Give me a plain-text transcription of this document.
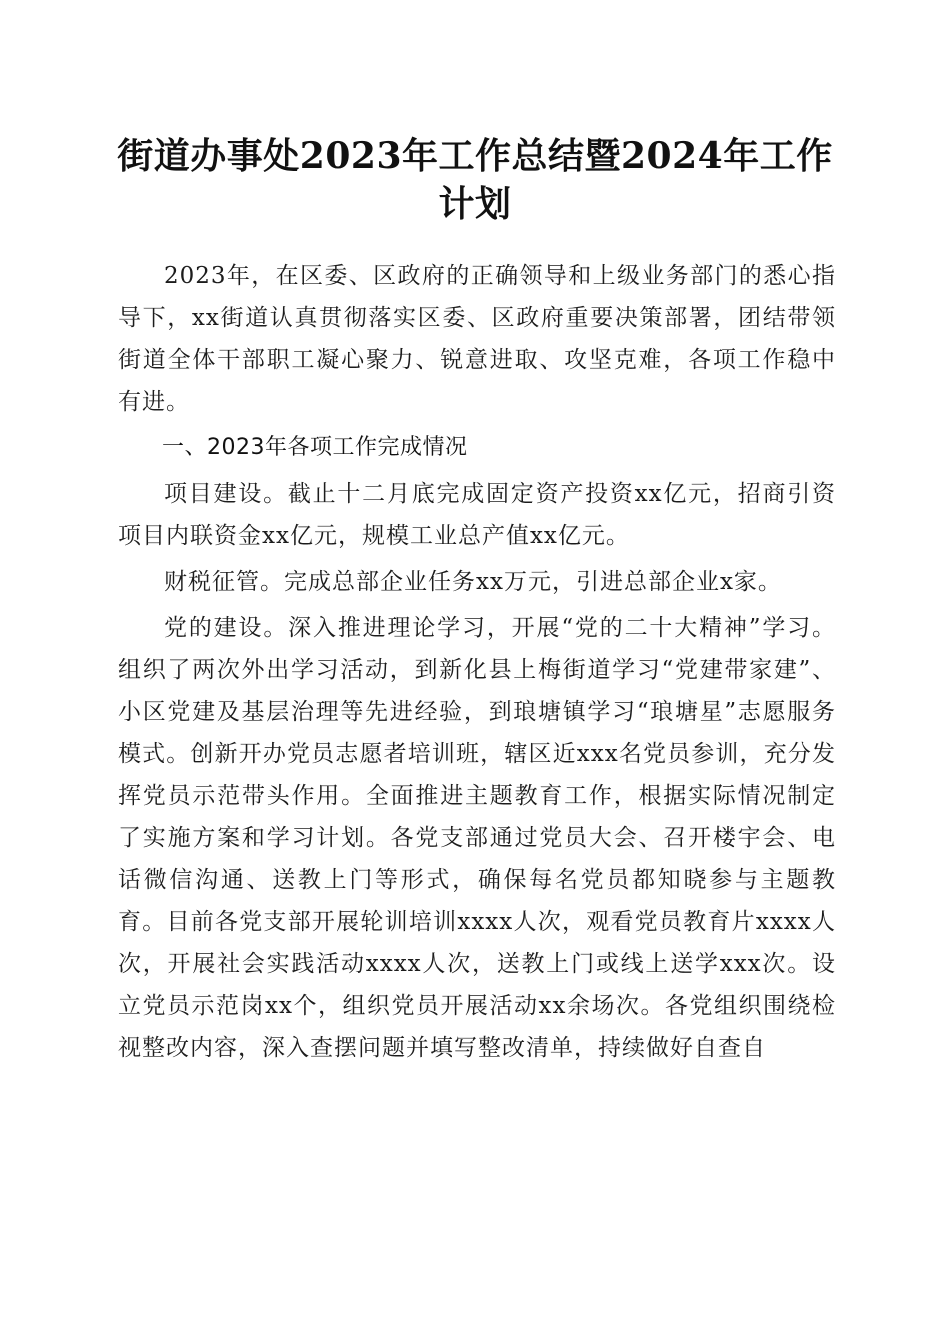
街道办事处2023年工作总结暨2024年工作计划

2023年，在区委、区政府的正确领导和上级业务部门的悉心指导下，xx街道认真贯彻落实区委、区政府重要决策部署，团结带领街道全体干部职工凝心聚力、锐意进取、攻坚克难，各项工作稳中有进。

一、2023年各项工作完成情况

项目建设。截止十二月底完成固定资产投资xx亿元，招商引资项目内联资金xx亿元，规模工业总产值xx亿元。

财税征管。完成总部企业任务xx万元，引进总部企业x家。

党的建设。深入推进理论学习，开展“党的二十大精神”学习。组织了两次外出学习活动，到新化县上梅街道学习“党建带家建”、小区党建及基层治理等先进经验，到琅塘镇学习“琅塘星”志愿服务模式。创新开办党员志愿者培训班，辖区近xxx名党员参训，充分发挥党员示范带头作用。全面推进主题教育工作，根据实际情况制定了实施方案和学习计划。各党支部通过党员大会、召开楼宇会、电话微信沟通、送教上门等形式，确保每名党员都知晓参与主题教育。目前各党支部开展轮训培训xxxx人次，观看党员教育片xxxx人次，开展社会实践活动xxxx人次，送教上门或线上送学xxx次。设立党员示范岗xx个，组织党员开展活动xx余场次。各党组织围绕检视整改内容，深入查摆问题并填写整改清单，持续做好自查自
